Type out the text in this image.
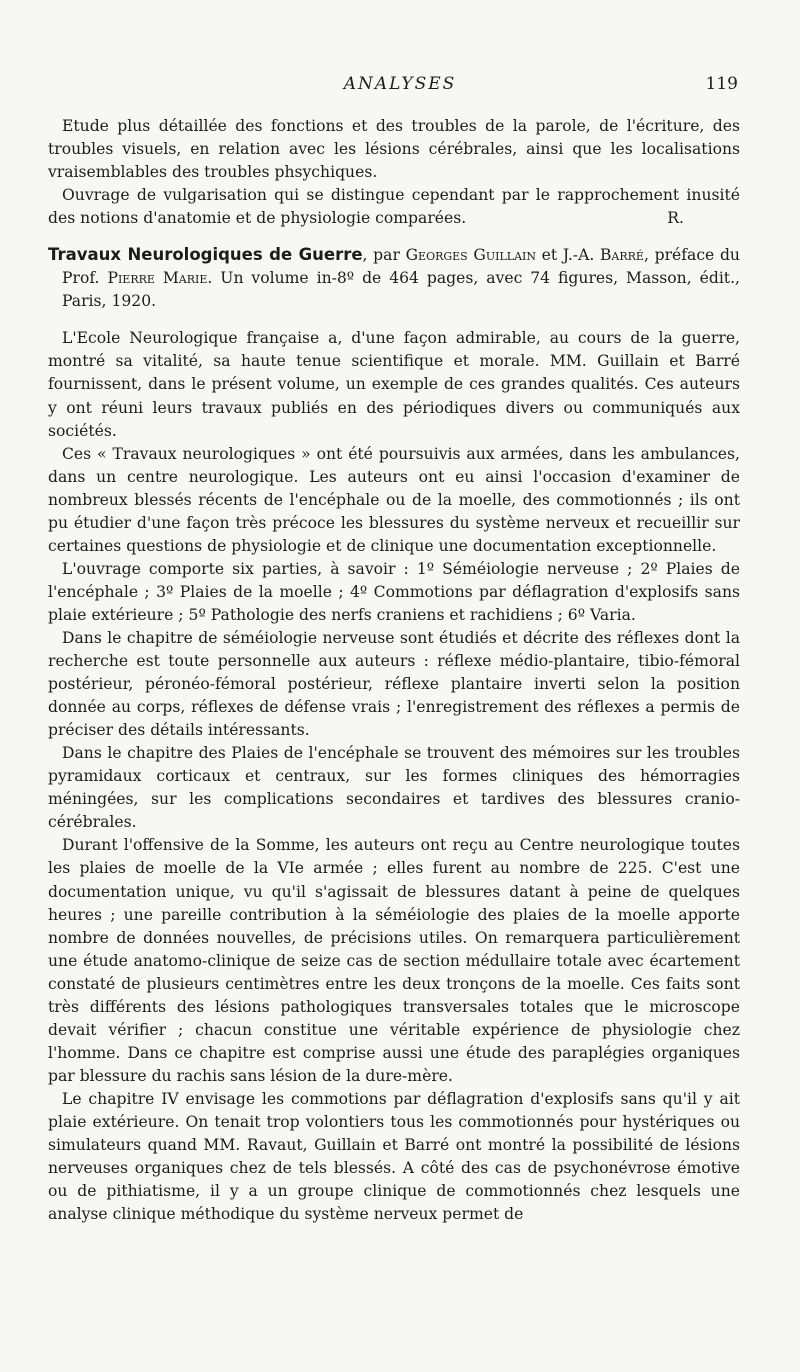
ANALYSES	119

Etude plus détaillée des fonctions et des troubles de la parole, de l'écriture, des troubles visuels, en relation avec les lésions cérébrales, ainsi que les localisations vraisemblables des troubles phsychiques.

Ouvrage de vulgarisation qui se distingue cependant par le rapprochement inusité des notions d'anatomie et de physiologie comparées.	R.

Travaux Neurologiques de Guerre, par Georges Guillain et J.-A. Barré, préface du Prof. Pierre Marie. Un volume in-8º de 464 pages, avec 74 figures, Masson, édit., Paris, 1920.

L'Ecole Neurologique française a, d'une façon admirable, au cours de la guerre, montré sa vitalité, sa haute tenue scientifique et morale. MM. Guillain et Barré fournissent, dans le présent volume, un exemple de ces grandes qualités. Ces auteurs y ont réuni leurs travaux publiés en des périodiques divers ou communiqués aux sociétés.

Ces « Travaux neurologiques » ont été poursuivis aux armées, dans les ambulances, dans un centre neurologique. Les auteurs ont eu ainsi l'occasion d'examiner de nombreux blessés récents de l'encéphale ou de la moelle, des commotionnés ; ils ont pu étudier d'une façon très précoce les blessures du système nerveux et recueillir sur certaines questions de physiologie et de clinique une documentation exceptionnelle.

L'ouvrage comporte six parties, à savoir : 1º Séméiologie nerveuse ; 2º Plaies de l'encéphale ; 3º Plaies de la moelle ; 4º Commotions par déflagration d'explosifs sans plaie extérieure ; 5º Pathologie des nerfs craniens et rachidiens ; 6º Varia.

Dans le chapitre de séméiologie nerveuse sont étudiés et décrite des réflexes dont la recherche est toute personnelle aux auteurs : réflexe médio-plantaire, tibio-fémoral postérieur, péronéo-fémoral postérieur, réflexe plantaire inverti selon la position donnée au corps, réflexes de défense vrais ; l'enregistrement des réflexes a permis de préciser des détails intéressants.

Dans le chapitre des Plaies de l'encéphale se trouvent des mémoires sur les troubles pyramidaux corticaux et centraux, sur les formes cliniques des hémorragies méningées, sur les complications secondaires et tardives des blessures cranio-cérébrales.

Durant l'offensive de la Somme, les auteurs ont reçu au Centre neurologique toutes les plaies de moelle de la VIe armée ; elles furent au nombre de 225. C'est une documentation unique, vu qu'il s'agissait de blessures datant à peine de quelques heures ; une pareille contribution à la séméiologie des plaies de la moelle apporte nombre de données nouvelles, de précisions utiles. On remarquera particulièrement une étude anatomo-clinique de seize cas de section médullaire totale avec écartement constaté de plusieurs centimètres entre les deux tronçons de la moelle. Ces faits sont très différents des lésions pathologiques transversales totales que le microscope devait vérifier ; chacun constitue une véritable expérience de physiologie chez l'homme. Dans ce chapitre est comprise aussi une étude des paraplégies organiques par blessure du rachis sans lésion de la dure-mère.

Le chapitre IV envisage les commotions par déflagration d'explosifs sans qu'il y ait plaie extérieure. On tenait trop volontiers tous les commotionnés pour hystériques ou simulateurs quand MM. Ravaut, Guillain et Barré ont montré la possibilité de lésions nerveuses organiques chez de tels blessés. A côté des cas de psychonévrose émotive ou de pithiatisme, il y a un groupe clinique de commotionnés chez lesquels une analyse clinique méthodique du système nerveux permet de
